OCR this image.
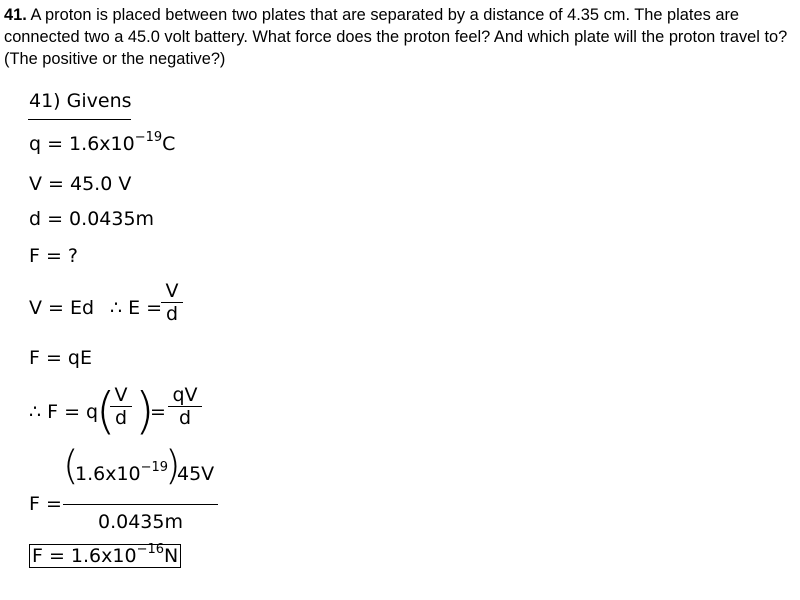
41. A proton is placed between two plates that are separated by a distance of 4.35 cm. The plates are connected two a 45.0 volt battery. What force does the proton feel? And which plate will the proton travel to? (The positive or the negative?)
41) Givens
$q = 1.6x10^{-19}C$
V = 45.0 V
d = 0.0435m
F = ?
V = Ed ∴ E =
V
d
F = qE
∴ F = q
(
V
d )
=
qV
d
F =
(
$1.6x10^{-19}$
)
45V
0.0435m
$F = 1.6x10^{-16}N$
